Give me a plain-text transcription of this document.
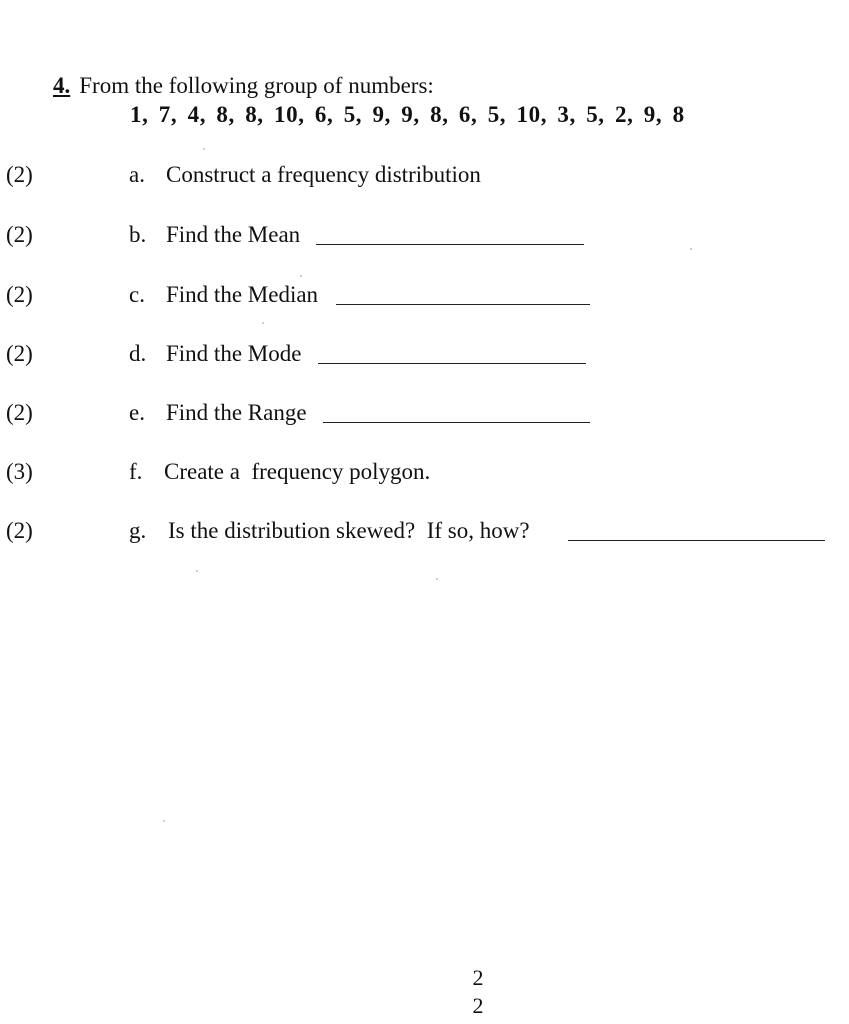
4. From the following group of numbers:
1, 7, 4, 8, 8, 10, 6, 5, 9, 9, 8, 6, 5, 10, 3, 5, 2, 9, 8
(2)	a. Construct a frequency distribution
(2)	b. Find the Mean
(2)	c. Find the Median
(2)	d. Find the Mode
(2)	e. Find the Range
(3)	f. Create a  frequency polygon.
(2)	g. Is the distribution skewed?  If so, how?
2
2
